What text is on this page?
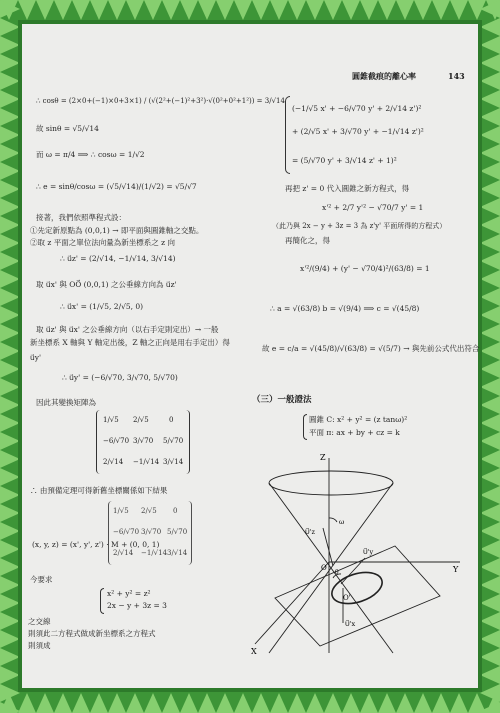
圓錐截痕的離心率	143
∴ cosθ = (2×0+(−1)×0+3×1) / (√(2²+(−1)²+3²)·√(0²+0²+1²)) = 3/√14
故 sinθ = √5/√14
而 ω = π/4 ⟹ ∴ cosω = 1/√2
∴ e = sinθ/cosω = (√5/√14)/(1/√2) = √5/√7
接著，我們依照準程式設：
①先定新原點為 (0,0,1) → 即平面與圓錐軸之交點。
②取 z 平面之單位法向量為新坐標系之 z 向
∴ u⃗z' = (2/√14, −1/√14, 3/√14)
取 u⃗x' 與 OO⃗ (0,0,1) 之公垂線方向為 u⃗z'
∴ u⃗x' = (1/√5, 2/√5, 0)
取 u⃗z' 與 u⃗x' 之公垂線方向（以右手定則定出）→ 一般
新坐標系 X 軸與 Y 軸定出後，Z 軸之正向是用右手定出）得
u⃗y'
∴ u⃗y' = (−6/√70, 3/√70, 5/√70)
因此其變換矩陣為
1/√5 2/√5	0
−6/√70 3/√70 5/√70
2/√14 −1/√14 3/√14
∴ 由預備定理可得新舊坐標關係如下結果
(x, y, z) = (x', y', z') · M + (0, 0, 1)
1/√5 2/√5 0
−6/√70 3/√70 5/√70
2/√14 −1/√14 3/√14
今要求
x² + y² = z²
2x − y + 3z = 3
之交線
則須此二方程式做成新坐標系之方程式
則須成
(−1/√5 x' + −6/√70 y' + 2/√14 z')²
+ (2/√5 x' + 3/√70 y' + −1/√14 z')²
= (5/√70 y' + 3/√14 z' + 1)²
再把 z' = 0 代入圓錐之新方程式，得
x'² + 2/7 y'² − √70/7 y' = 1
（此乃與 2x − y + 3z = 3 為 z'y' 平面所得的方程式）
再簡化之，得
x'²/(9/4) + (y' − √70/4)²/(63/8) = 1
∴ a = √(63/8) b = √(9/4) ⟹ c = √(45/8)
故 e = c/a = √(45/8)/√(63/8) = √(5/7) → 與先前公式代出符合
（三）一般證法
圓錐 C: x² + y² = (z tanω)²
平面 π: ax + by + cz = k
Z
Y
X
O
O'
U⃗'z
U⃗'y
U⃗'x
ω
θ
